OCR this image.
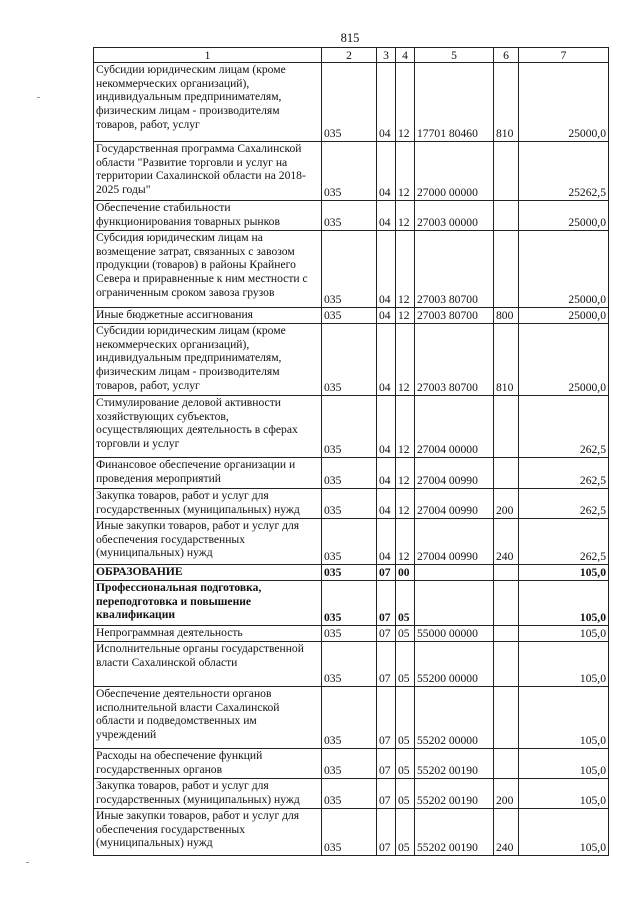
815
1	2	3	4	5	6	7
Субсидии юридическим лицам (кроме некоммерческих организаций), индивидуальным предпринимателям, физическим лицам - производителям товаров, работ, услуг	035	04	12	17701 80460	810	25000,0
Государственная программа Сахалинской области "Развитие торговли и услуг на территории Сахалинской области на 2018-2025 годы"	035	04	12	27000 00000		25262,5
Обеспечение стабильности функционирования товарных рынков	035	04	12	27003 00000		25000,0
Субсидия юридическим лицам на возмещение затрат, связанных с завозом продукции (товаров) в районы Крайнего Севера и приравненные к ним местности с ограниченным сроком завоза грузов	035	04	12	27003 80700		25000,0
Иные бюджетные ассигнования	035	04	12	27003 80700	800	25000,0
Субсидии юридическим лицам (кроме некоммерческих организаций), индивидуальным предпринимателям, физическим лицам - производителям товаров, работ, услуг	035	04	12	27003 80700	810	25000,0
Стимулирование деловой активности хозяйствующих субъектов, осуществляющих деятельность в сферах торговли и услуг	035	04	12	27004 00000		262,5
Финансовое обеспечение организации и проведения мероприятий	035	04	12	27004 00990		262,5
Закупка товаров, работ и услуг для государственных (муниципальных) нужд	035	04	12	27004 00990	200	262,5
Иные закупки товаров, работ и услуг для обеспечения государственных (муниципальных) нужд	035	04	12	27004 00990	240	262,5
ОБРАЗОВАНИЕ	035	07	00			105,0
Профессиональная подготовка, переподготовка и повышение квалификации	035	07	05			105,0
Непрограммная деятельность	035	07	05	55000 00000		105,0
Исполнительные органы государственной власти Сахалинской области	035	07	05	55200 00000		105,0
Обеспечение деятельности органов исполнительной власти Сахалинской области и подведомственных им учреждений	035	07	05	55202 00000		105,0
Расходы на обеспечение функций государственных органов	035	07	05	55202 00190		105,0
Закупка товаров, работ и услуг для государственных (муниципальных) нужд	035	07	05	55202 00190	200	105,0
Иные закупки товаров, работ и услуг для обеспечения государственных (муниципальных) нужд	035	07	05	55202 00190	240	105,0
